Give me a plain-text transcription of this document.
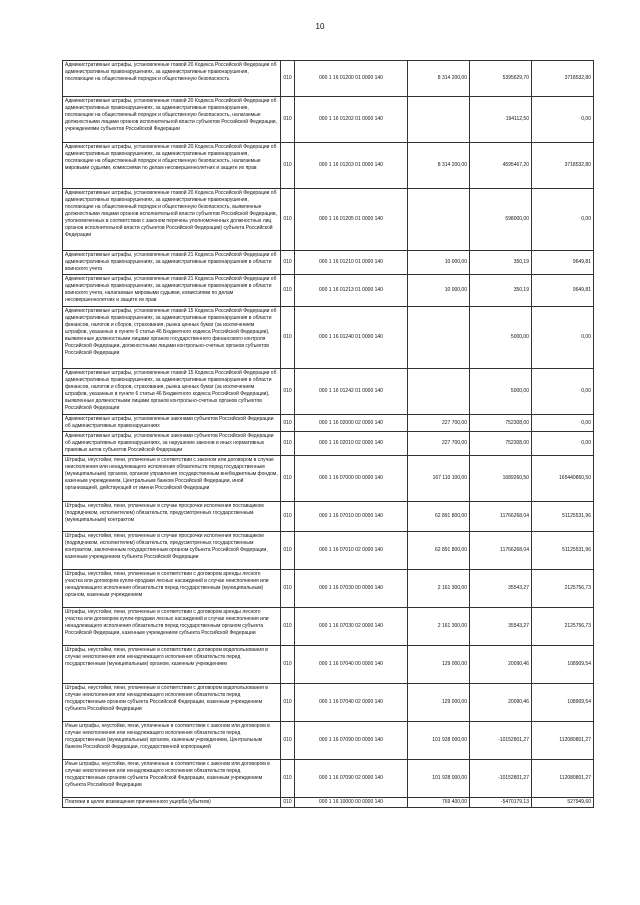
10
Административные штрафы, установленные главой 20 Кодекса Российской Федерации об административных правонарушениях, за административные правонарушения, посягающие на общественный порядок и общественную безопасность	010	000 1 16 01200 01 0000 140	8 314 200,00	5395629,70	3718532,80
Административные штрафы, установленные главой 20 Кодекса Российской Федерации об административных правонарушениях, за административные правонарушения, посягающие на общественный порядок и общественную безопасность, налагаемые должностными лицами органов исполнительной власти субъектов Российской Федерации, учреждениями субъектов Российской Федерации	010	000 1 16 01202 01 0000 140		194112,50	0,00
Административные штрафы, установленные главой 20 Кодекса Российской Федерации об административных правонарушениях, за административные правонарушения, посягающие на общественный порядок и общественную безопасность, налагаемые мировыми судьями, комиссиями по делам несовершеннолетних и защите их прав	010	000 1 16 01203 01 0000 140	8 314 200,00	4595467,20	3718532,80
Административные штрафы, установленные главой 20 Кодекса Российской Федерации об административных правонарушениях, за административные правонарушения, посягающие на общественный порядок и общественную безопасность, выявленные должностными лицами органов исполнительной власти субъектов Российской Федерации, уполномоченных в соответствии с законом перечень уполномоченных должностных лиц органов исполнительной власти субъектов Российской Федерации) субъекта Российской Федерации	010	000 1 16 01205 01 0000 140		598000,00	0,00
Административные штрафы, установленные главой 21 Кодекса Российской Федерации об административных правонарушениях, за административные правонарушения в области воинского учета	010	000 1 16 01210 01 0000 140	10 000,00	350,19	9649,81
Административные штрафы, установленные главой 21 Кодекса Российской Федерации об административных правонарушениях, за административные правонарушения в области воинского учета, налагаемые мировыми судьями, комиссиями по делам несовершеннолетних и защите их прав	010	000 1 16 01213 01 0000 140	10 000,00	350,19	9649,81
Административные штрафы, установленные главой 15 Кодекса Российской Федерации об административных правонарушениях, за административные правонарушения в области финансов, налогов и сборов, страхования, рынка ценных бумаг (за исключением штрафов, указанных в пункте 6 статьи 46 Бюджетного кодекса Российской Федерации), выявленные должностными лицами органов государственного финансового контроля Российской Федерации, должностными лицами контрольно-счетных органов субъектов Российской Федерации	010	000 1 16 01240 01 0000 140		5000,00	0,00
Административные штрафы, установленные главой 15 Кодекса Российской Федерации об административных правонарушениях, за административные правонарушения в области финансов, налогов и сборов, страхования, рынка ценных бумаг (за исключением штрафов, указанных в пункте 6 статьи 46 Бюджетного кодекса Российской Федерации), выявленные должностными лицами органов контрольно-счетных органов субъектов Российской Федерации	010	000 1 16 01242 01 0000 140		5000,00	0,00
Административные штрафы, установленные законами субъектов Российской Федерации об административных правонарушениях	010	000 1 16 02000 02 0000 140	227 700,00	752308,00	0,00
Административные штрафы, установленные законами субъектов Российской Федерации об административных правонарушениях, за нарушение законов и иных нормативных правовых актов субъектов Российской Федерации	010	000 1 16 02010 02 0000 140	227 700,00	752308,00	0,00
Штрафы, неустойки, пени, уплаченные в соответствии с законом или договором в случае неисполнения или ненадлежащего исполнения обязательств перед государственным (муниципальным) органом, органом управления государственным внебюджетным фондом, казенным учреждением, Центральным банком Российской Федерации, иной организацией, действующей от имени Российской Федерации	010	000 1 16 07000 00 0000 140	167 110 100,00	1689260,50	165440860,50
Штрафы, неустойки, пени, уплаченные в случае просрочки исполнения поставщиком (подрядчиком, исполнителем) обязательств, предусмотренных государственным (муниципальным) контрактом	010	000 1 16 07010 00 0000 140	62 891 800,00	11766268,04	51125531,96
Штрафы, неустойки, пени, уплаченные в случае просрочки исполнения поставщиком (подрядчиком, исполнителем) обязательств, предусмотренных государственным контрактом, заключенным государственным органом субъекта Российской Федерации, казенным учреждением субъекта Российской Федерации	010	000 1 16 07010 02 0000 140	62 891 800,00	11766268,04	51125531,96
Штрафы, неустойки, пени, уплаченные в соответствии с договором аренды лесного участка или договором купли-продажи лесных насаждений в случае неисполнения или ненадлежащего исполнения обязательств перед государственным (муниципальным) органом, казенным учреждением	010	000 1 16 07030 00 0000 140	2 161 300,00	35543,27	2125756,73
Штрафы, неустойки, пени, уплаченные в соответствии с договором аренды лесного участка или договором купли-продажи лесных насаждений в случае неисполнения или ненадлежащего исполнения обязательств перед государственным органом субъекта Российской Федерации, казенным учреждением субъекта Российской Федерации	010	000 1 16 07030 02 0000 140	2 161 300,00	35543,27	2125756,73
Штрафы, неустойки, пени, уплаченные в соответствии с договором водопользования в случае неисполнения или ненадлежащего исполнения обязательств перед государственным (муниципальным) органом, казенным учреждением	010	000 1 16 07040 00 0000 140	129 000,00	20090,46	108909,54
Штрафы, неустойки, пени, уплаченные в соответствии с договором водопользования в случае неисполнения или ненадлежащего исполнения обязательств перед государственным органом субъекта Российской Федерации, казенным учреждением субъекта Российской Федерации	010	000 1 16 07040 02 0000 140	129 000,00	20090,46	108909,54
Иные штрафы, неустойки, пени, уплаченные в соответствии с законом или договором в случае неисполнения или ненадлежащего исполнения обязательств перед государственным (муниципальным) органом, казенным учреждением, Центральным банком Российской Федерации, государственной корпорацией	010	000 1 16 07090 00 0000 140	101 928 000,00	-10152801,27	112080801,27
Иные штрафы, неустойки, пени, уплаченные в соответствии с законом или договором в случае неисполнения или ненадлежащего исполнения обязательств перед государственным органом субъекта Российской Федерации, казенным учреждением субъекта Российской Федерации	010	000 1 16 07090 02 0000 140	101 928 000,00	-10152801,27	112080801,27
Платежи в целях возмещения причиненного ущерба (убытков)	010	000 1 16 10000 00 0000 140	769 400,00	-5470179,13	527949,60
